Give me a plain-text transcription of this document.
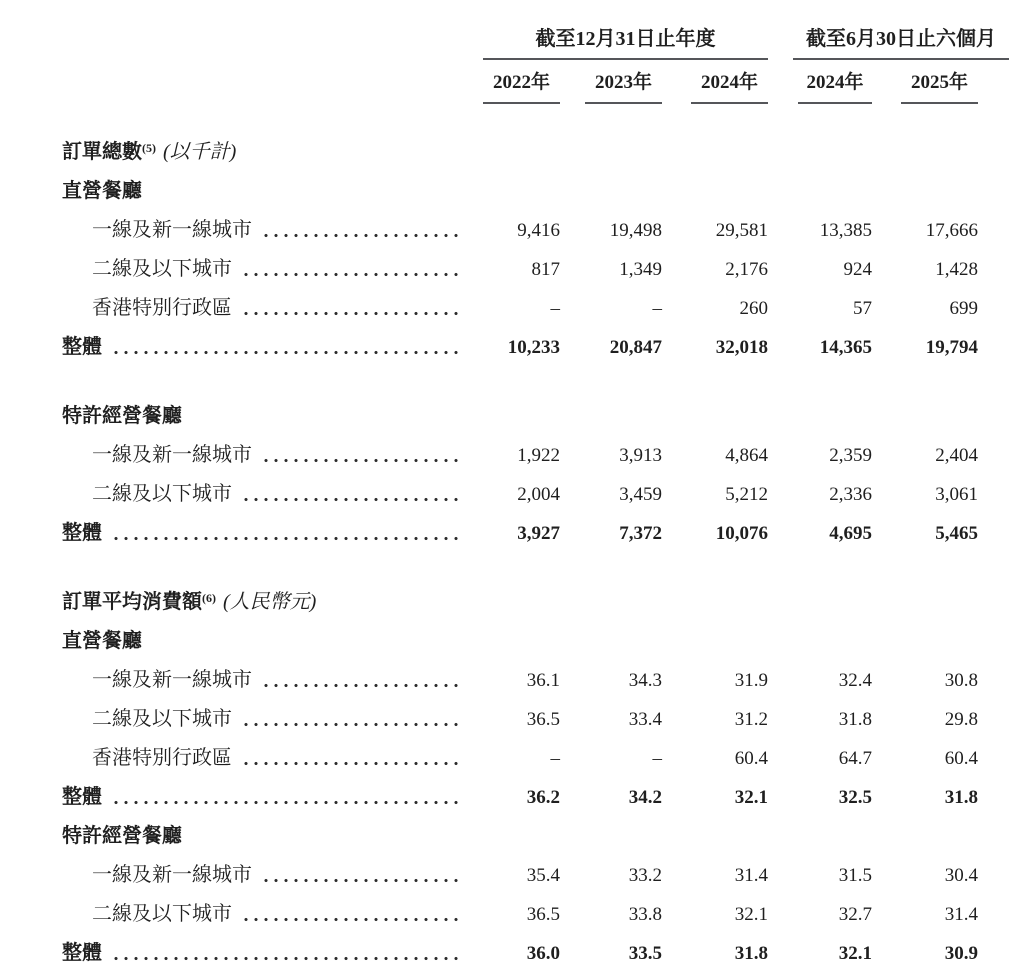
	截至12月31日止年度				截至6月30日止六個月	

	2022年	2023年	2024年		2024年	2025年

訂單總數$^{(5)}$ (以千計)						
直營餐廳						

一線及新一線城市	9,416	19,498	29,581		13,385	17,666

二線及以下城市	817	1,349	2,176		924	1,428

香港特別行政區	–	–	260		57	699

整體	10,233	20,847	32,018		14,365	19,794

特許經營餐廳						

一線及新一線城市	1,922	3,913	4,864		2,359	2,404

二線及以下城市	2,004	3,459	5,212		2,336	3,061

整體	3,927	7,372	10,076		4,695	5,465

訂單平均消費額$^{(6)}$ (人民幣元)						
直營餐廳						

一線及新一線城市	36.1	34.3	31.9		32.4	30.8

二線及以下城市	36.5	33.4	31.2		31.8	29.8

香港特別行政區	–	–	60.4		64.7	60.4

整體	36.2	34.2	32.1		32.5	31.8
特許經營餐廳						

一線及新一線城市	35.4	33.2	31.4		31.5	30.4

二線及以下城市	36.5	33.8	32.1		32.7	31.4

整體	36.0	33.5	31.8		32.1	30.9
